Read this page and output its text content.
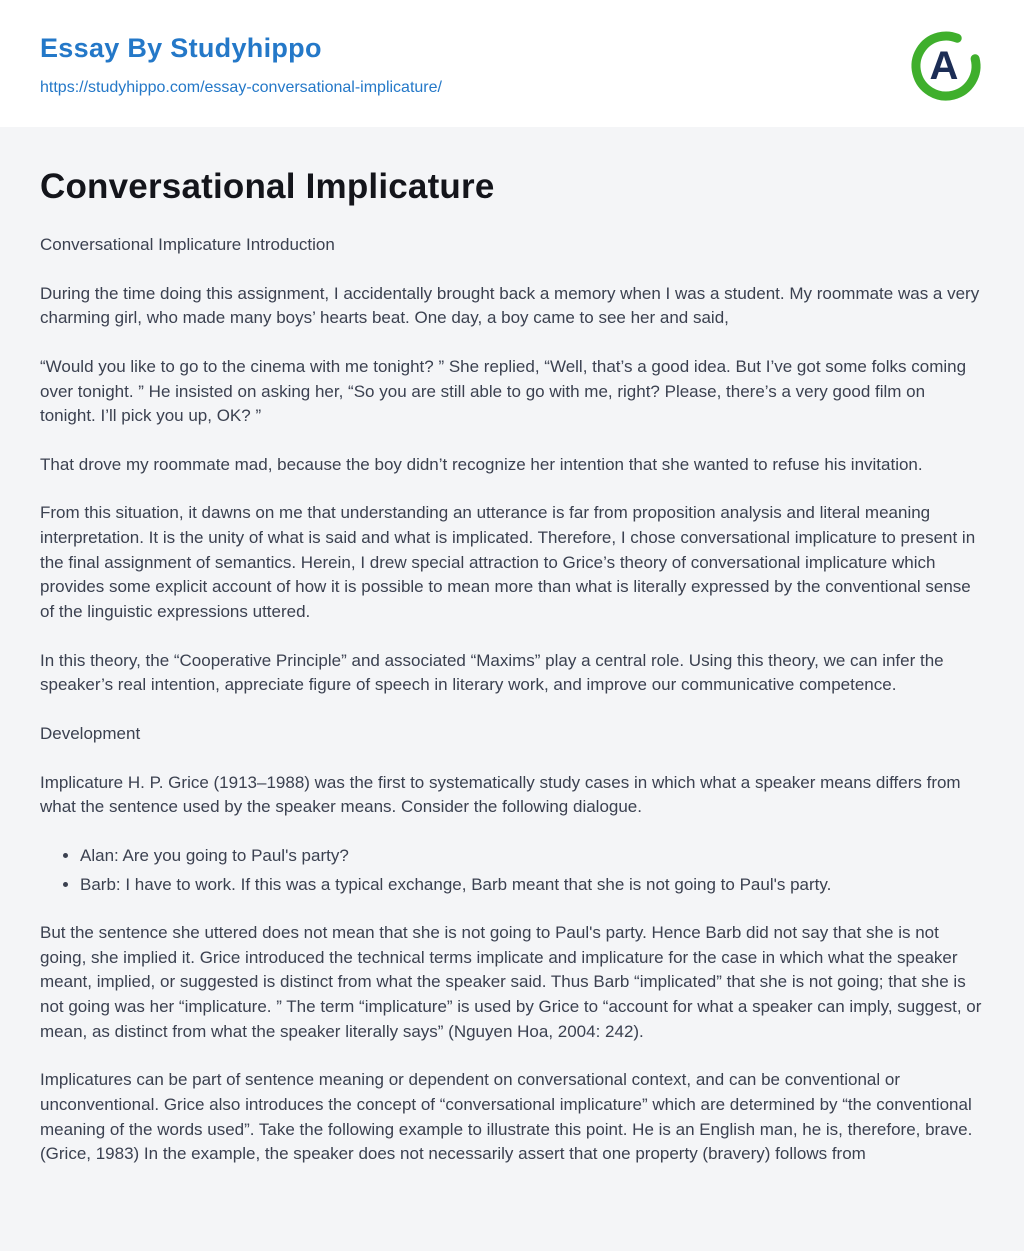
Essay By Studyhippo
https://studyhippo.com/essay-conversational-implicature/	A
Conversational Implicature

Conversational Implicature Introduction

During the time doing this assignment, I accidentally brought back a memory when I was a student. My roommate was a very charming girl, who made many boys’ hearts beat. One day, a boy came to see her and said,

“Would you like to go to the cinema with me tonight? ” She replied, “Well, that’s a good idea. But I’ve got some folks coming over tonight. ” He insisted on asking her, “So you are still able to go with me, right? Please, there’s a very good film on tonight. I’ll pick you up, OK? ”

That drove my roommate mad, because the boy didn’t recognize her intention that she wanted to refuse his invitation.

From this situation, it dawns on me that understanding an utterance is far from proposition analysis and literal meaning interpretation. It is the unity of what is said and what is implicated. Therefore, I chose conversational implicature to present in the final assignment of semantics. Herein, I drew special attraction to Grice’s theory of conversational implicature which provides some explicit account of how it is possible to mean more than what is literally expressed by the conventional sense of the linguistic expressions uttered.

In this theory, the “Cooperative Principle” and associated “Maxims” play a central role. Using this theory, we can infer the speaker’s real intention, appreciate figure of speech in literary work, and improve our communicative competence.

Development

Implicature H. P. Grice (1913–1988) was the first to systematically study cases in which what a speaker means differs from what the sentence used by the speaker means. Consider the following dialogue.

• Alan: Are you going to Paul's party?
• Barb: I have to work. If this was a typical exchange, Barb meant that she is not going to Paul's party.

But the sentence she uttered does not mean that she is not going to Paul's party. Hence Barb did not say that she is not going, she implied it. Grice introduced the technical terms implicate and implicature for the case in which what the speaker meant, implied, or suggested is distinct from what the speaker said. Thus Barb “implicated” that she is not going; that she is not going was her “implicature. ” The term “implicature” is used by Grice to “account for what a speaker can imply, suggest, or mean, as distinct from what the speaker literally says” (Nguyen Hoa, 2004: 242).

Implicatures can be part of sentence meaning or dependent on conversational context, and can be conventional or unconventional. Grice also introduces the concept of “conversational implicature” which are determined by “the conventional meaning of the words used”. Take the following example to illustrate this point. He is an English man, he is, therefore, brave. (Grice, 1983) In the example, the speaker does not necessarily assert that one property (bravery) follows from
